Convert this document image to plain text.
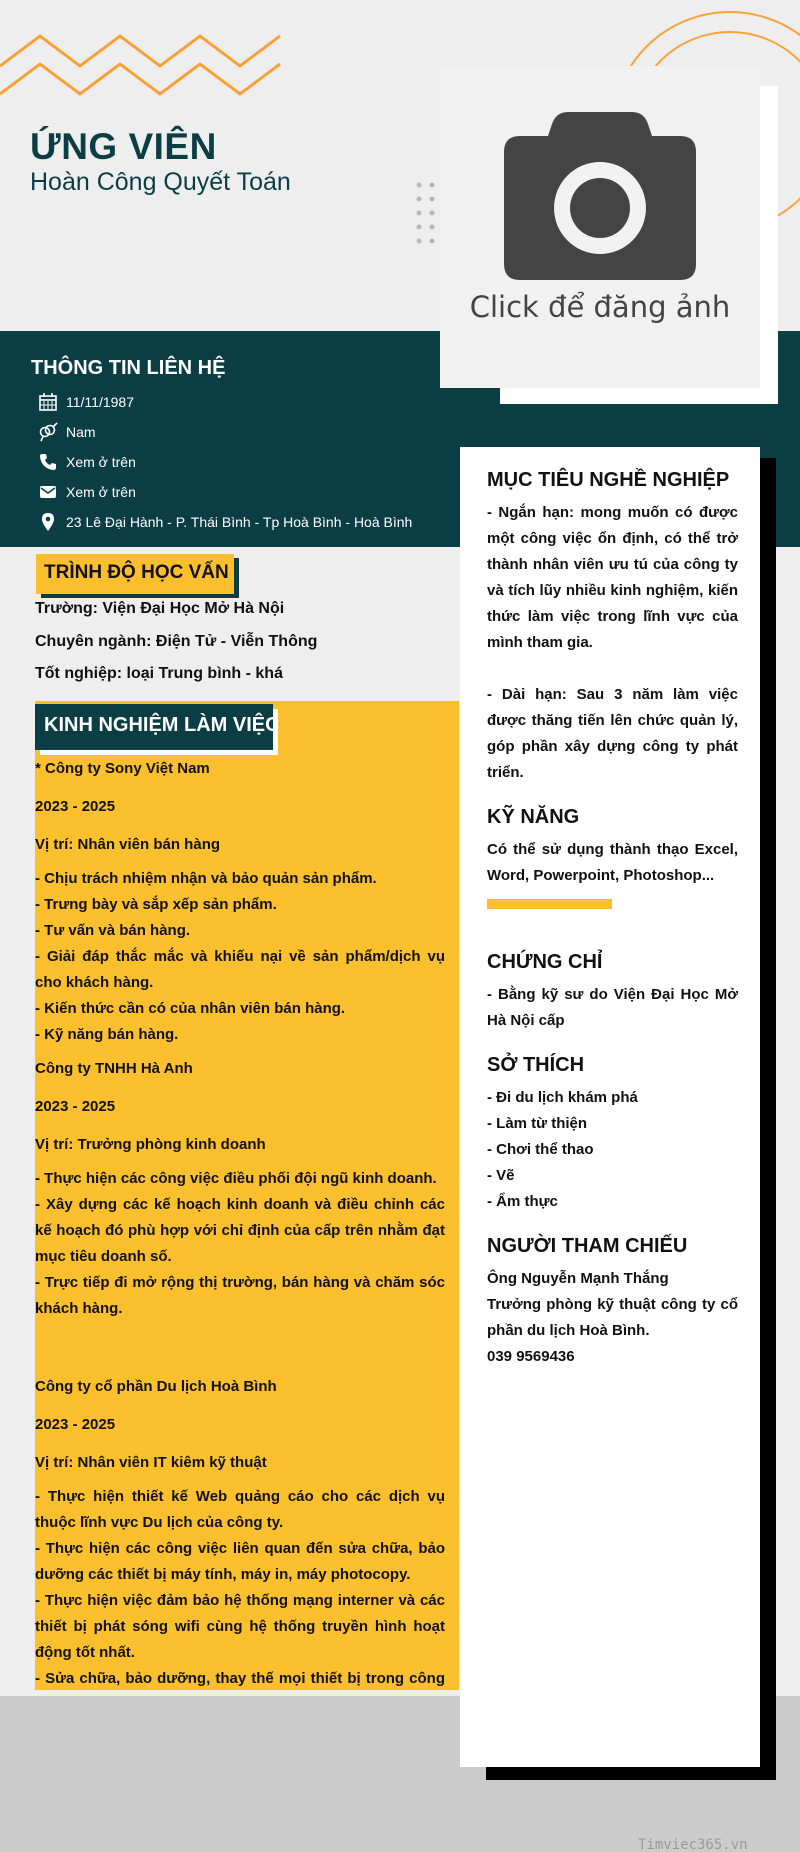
ỨNG VIÊN
Hoàn Công Quyết Toán
THÔNG TIN LIÊN HỆ
11/11/1987
Nam
Xem ở trên
Xem ở trên
23 Lê Đại Hành - P. Thái Bình - Tp Hoà Bình - Hoà Bình
Click để đăng ảnh
TRÌNH ĐỘ HỌC VẤN
Trường: Viện Đại Học Mở Hà Nội
Chuyên ngành: Điện Tử - Viễn Thông
Tốt nghiệp: loại Trung bình - khá
KINH NGHIỆM LÀM VIỆC

* Công ty Sony Việt Nam

2023 - 2025

Vị trí: Nhân viên bán hàng

- Chịu trách nhiệm nhận và bảo quản sản phẩm.

- Trưng bày và sắp xếp sản phẩm.

- Tư vấn và bán hàng.

- Giải đáp thắc mắc và khiếu nại về sản phẩm/dịch vụ cho khách hàng.

- Kiến thức cần có của nhân viên bán hàng.

- Kỹ năng bán hàng.

Công ty TNHH Hà Anh

2023 - 2025

Vị trí: Trưởng phòng kinh doanh

- Thực hiện các công việc điều phối đội ngũ kinh doanh.

- Xây dựng các kế hoạch kinh doanh và điều chỉnh các kế hoạch đó phù hợp với chỉ định của cấp trên nhằm đạt mục tiêu doanh số.

- Trực tiếp đi mở rộng thị trường, bán hàng và chăm sóc khách hàng.

Công ty cổ phần Du lịch Hoà Bình

2023 - 2025

Vị trí: Nhân viên IT kiêm kỹ thuật

- Thực hiện thiết kế Web quảng cáo cho các dịch vụ thuộc lĩnh vực Du lịch của công ty.

- Thực hiện các công việc liên quan đến sửa chữa, bảo dưỡng các thiết bị máy tính, máy in, máy photocopy.

- Thực hiện việc đảm bảo hệ thống mạng interner và các thiết bị phát sóng wifi cùng hệ thống truyền hình hoạt động tốt nhất.

- Sửa chữa, bảo dưỡng, thay thế mọi thiết bị trong công

Timviec365.vn
MỤC TIÊU NGHỀ NGHIỆP

- Ngắn hạn: mong muốn có được một công việc ổn định, có thể trở thành nhân viên ưu tú của công ty và tích lũy nhiều kinh nghiệm, kiến thức làm việc trong lĩnh vực của mình tham gia.

- Dài hạn: Sau 3 năm làm việc được thăng tiến lên chức quản lý, góp phần xây dựng công ty phát triển.

KỸ NĂNG

Có thể sử dụng thành thạo Excel, Word, Powerpoint, Photoshop...

CHỨNG CHỈ

- Bằng kỹ sư do Viện Đại Học Mở Hà Nội cấp

SỞ THÍCH

- Đi du lịch khám phá

- Làm từ thiện

- Chơi thể thao

- Vẽ

- Ẩm thực

NGƯỜI THAM CHIẾU

Ông Nguyễn Mạnh Thắng

Trưởng phòng kỹ thuật công ty cổ phần du lịch Hoà Bình.

039 9569436
